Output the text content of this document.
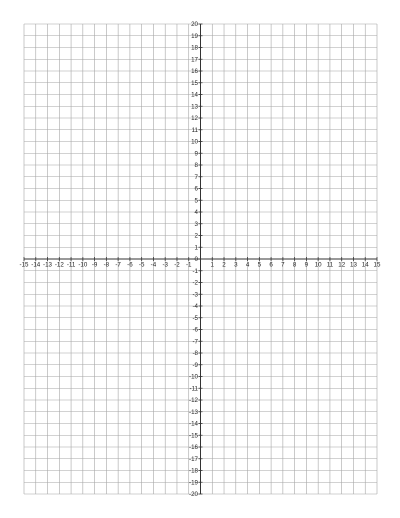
-15 -14 -13 -12 -11 -10 -9 -8 -7 -6 -5 -4 -3 -2 -1	1 2 3 4 5 6 7 8 9 10 11 12 13 14 15
20
19
18
17
16
15
14
13
12
11
10
9
8
7
6
5
4
3
2
1
0
-1
-2
-3
-4
-5
-6
-7
-8
-9
-10
-11
-12
-13
-14
-15
-16
-17
-18
-19
-20
